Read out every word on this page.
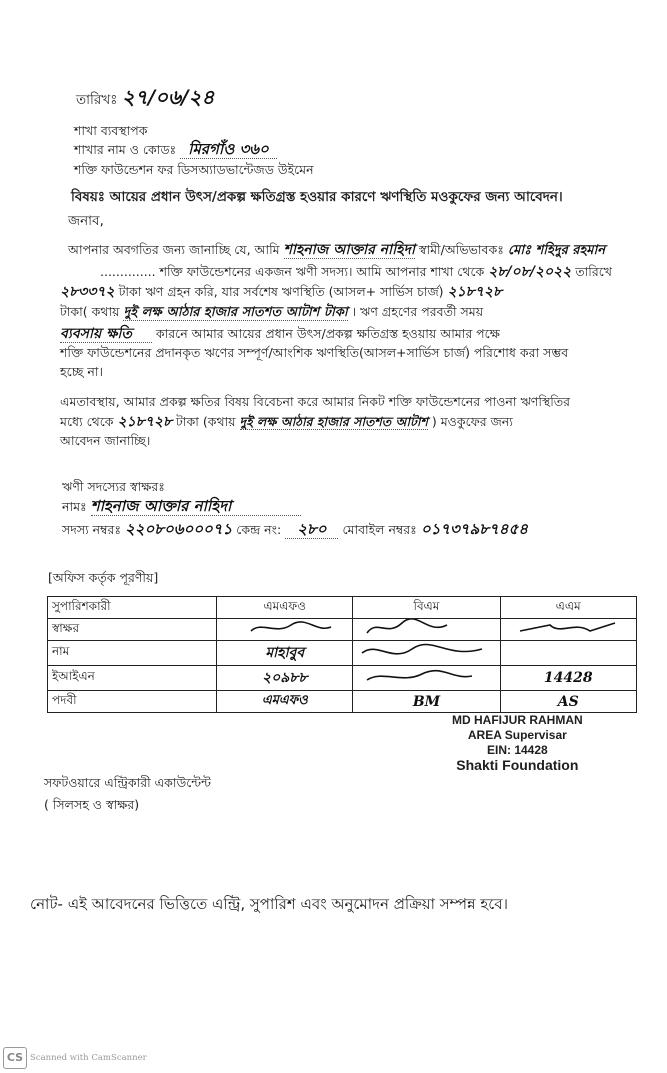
তারিখঃ ২৭/০৬/২৪
শাখা ব্যবস্থাপক
শাখার নাম ও কোডঃ মিরগাঁও ৩৬০
শক্তি ফাউন্ডেশন ফর ডিসঅ্যাডভান্টেজড উইমেন
বিষয়ঃ আয়ের প্রধান উৎস/প্রকল্প ক্ষতিগ্রস্ত হওয়ার কারণে ঋণস্থিতি মওকুফের জন্য আবেদন।
জনাব,
আপনার অবগতির জন্য জানাচ্ছি যে, আমি শাহনাজ আক্তার নাহিদা স্বামী/অভিভাবকঃ মোঃ শহিদুর রহমান
.............. শক্তি ফাউন্ডেশনের একজন ঋণী সদস্য। আমি আপনার শাখা থেকে ২৮/০৮/২০২২ তারিখে
২৮৩৩৭২ টাকা ঋণ গ্রহন করি, যার সর্বশেষ ঋণস্থিতি (আসল+ সার্ভিস চার্জ) ২১৮৭২৮
টাকা( কথায় দুই লক্ষ আঠার হাজার সাতশত আটাশ টাকা । ঋণ গ্রহণের পরবর্তী সময়
ব্যবসায় ক্ষতি কারনে আমার আয়ের প্রধান উৎস/প্রকল্প ক্ষতিগ্রস্ত হওয়ায় আমার পক্ষে
শক্তি ফাউন্ডেশনের প্রদানকৃত ঋণের সম্পূর্ণ/আংশিক ঋণস্থিতি(আসল+সার্ভিস চার্জ) পরিশোধ করা সম্ভব
হচ্ছে না।
এমতাবস্থায়, আমার প্রকল্প ক্ষতির বিষয় বিবেচনা করে আমার নিকট শক্তি ফাউন্ডেশনের পাওনা ঋণস্থিতির
মধ্যে থেকে ২১৮৭২৮ টাকা (কথায় দুই লক্ষ আঠার হাজার সাতশত আটাশ ) মওকুফের জন্য
আবেদন জানাচ্ছি।
ঋণী সদস্যের স্বাক্ষরঃ
নামঃ শাহনাজ আক্তার নাহিদা
সদস্য নম্বরঃ ২২০৮০৬০০০৭১ কেন্দ্র নং: ২৮০ মোবাইল নম্বরঃ ০১৭৩৭৯৮৭৪৫৪
[অফিস কর্তৃক পূরণীয়]
সুপারিশকারী	এমএফও	বিএম	এএম
স্বাক্ষর			
নাম	মাহাবুব		
ইআইএন	২০৯৮৮		14428
পদবী	এমএফও	BM	AS
MD HAFIJUR RAHMAN
AREA Supervisar
EIN: 14428
Shakti Foundation
সফটওয়ারে এন্ট্রিকারী একাউন্টেন্ট
( সিলসহ ও স্বাক্ষর)
নোট- এই আবেদনের ভিত্তিতে এন্ট্রি, সুপারিশ এবং অনুমোদন প্রক্রিয়া সম্পন্ন হবে।
CS Scanned with CamScanner
